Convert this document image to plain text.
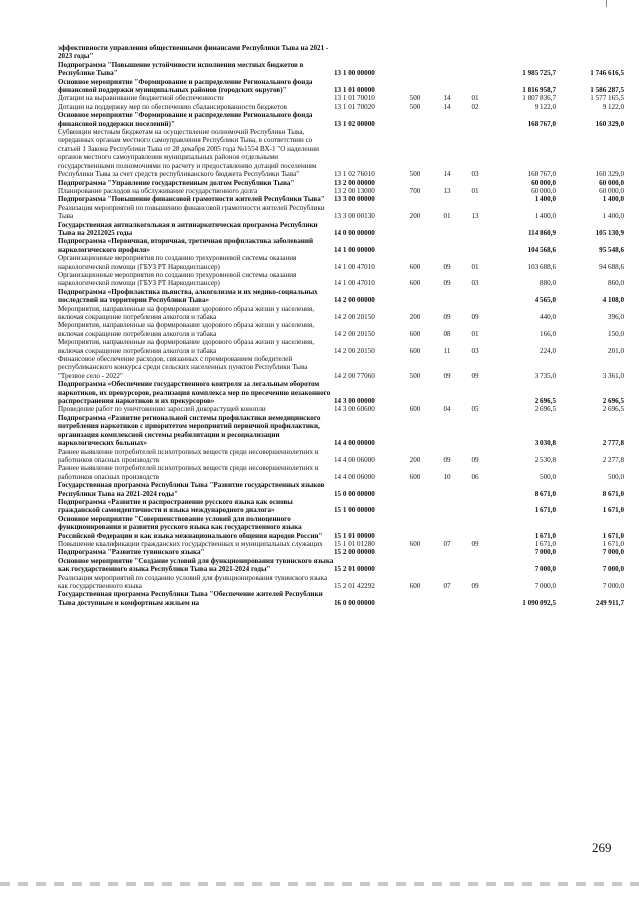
эффективности управления общественными финансами Республики Тыва на 2021 - 2023 годы"						
Подпрограмма "Повышение устойчивости исполнения местных бюджетов в Республике Тыва"	13 1 00 00000				1 985 725,7	1 746 616,5
Основное мероприятие "Формирование и распределение Регионального фонда финансовой поддержки муниципальных районов (городских округов)"	13 1 01 00000				1 816 958,7	1 586 287,5
Дотации на выравнивание бюджетной обеспеченности	13 1 01 70010	500	14	01	1 807 836,7	1 577 165,5
Дотации на поддержку мер по обеспечению сбалансированности бюджетов	13 1 01 70020	500	14	02	9 122,0	9 122,0
Основное мероприятие "Формирование и распределение Регионального фонда финансовой поддержки поселений)"	13 1 02 00000				168 767,0	160 329,0
Субвенции местным бюджетам на осуществление полномочий Республики Тыва, переданных органам местного самоуправления Республики Тыва, в соответствии со статьей 1 Закона Республики Тыва от 28 декабря 2005 года №1554 ВХ-1 "О наделении органов местного самоуправления муниципальных районов отдельными государственными полномочиями по расчету и предоставлению дотаций поселениям Республики Тыва за счет средств республиканского бюджета Республики Тыва"	13 1 02 76010	500	14	03	168 767,0	160 329,0
Подпрограмма "Управление государственным долгом Республики Тыва"	13 2 00 00000				60 000,0	60 000,0
Планирование расходов на обслуживание государственного долга	13 2 00 13000	700	13	01	60 000,0	60 000,0
Подпрограмма "Повышение финансовой грамотности жителей Республики Тыва"	13 3 00 00000				1 400,0	1 400,0
Реализация мероприятий по повышению финансовой грамотности жителей Республики Тыва	13 3 00 00130	200	01	13	1 400,0	1 400,0
Государственная антиалкогольная и антинаркотическая программа Республики Тыва на 20212025 годы	14 0 00 00000				114 860,9	105 130,9
Подпрограмма «Первичная, вторичная, третичная профилактика заболеваний наркологического профиля»	14 1 00 00000				104 568,6	95 548,6
Организационные мероприятия по созданию трехуровневой системы оказания наркологической помощи (ГБУЗ РТ Наркодиспансер)	14 1 00 47010	600	09	01	103 688,6	94 688,6
Организационные мероприятия по созданию трехуровневой системы оказания наркологической помощи (ГБУЗ РТ Наркодиспансер)	14 1 00 47010	600	09	03	880,0	860,0
Подпрограмма «Профилактика пьянства, алкоголизма и их медико-социальных последствий на территории Республики Тыва»	14 2 00 00000				4 565,0	4 108,0
Мероприятия, направленные на формирование здорового образа жизни у населения, включая сокращение потребления алкоголя и табака	14 2 00 20150	200	09	09	440,0	396,0
Мероприятия, направленные на формирование здорового образа жизни у населения, включая сокращение потребления алкоголя и табака	14 2 00 20150	600	08	01	166,0	150,0
Мероприятия, направленные на формирование здорового образа жизни у населения, включая сокращение потребления алкоголя и табака	14 2 00 20150	600	11	03	224,0	201,0
Финансовое обеспечение расходов, связанных с премированием победителей республиканского конкурса среди сельских населенных пунктов Республики Тыва "Трезвое село - 2022"	14 2 00 77060	500	09	09	3 735,0	3 361,0
Подпрограмма «Обеспечение государственного контроля за легальным оборотом наркотиков, их прекурсоров, реализация комплекса мер по пресечению незаконного распространения наркотиков и их прекурсоров»	14 3 00 00000				2 696,5	2 696,5
Проведение работ по уничтожению зарослей дикорастущей конопли	14 3 00 60600	600	04	05	2 696,5	2 696,5
Подпрограмма «Развитие региональной системы профилактики немедицинского потребления наркотиков с приоритетом мероприятий первичной профилактики, организация комплексной системы реабилитации и ресоциализации наркологических больных»	14 4 00 00000				3 030,8	2 777,8
Раннее выявление потребителей психотропных веществ среди несовершеннолетних и работников опасных производств	14 4 00 06000	200	09	09	2 530,8	2 277,8
Раннее выявление потребителей психотропных веществ среди несовершеннолетних и работников опасных производств	14 4 00 06000	600	10	06	500,0	500,0
Государственная программа Республики Тыва "Развитие государственных языков Республики Тыва на 2021-2024 годы"	15 0 00 00000				8 671,0	8 671,0
Подпрограмма «Развитие и распространение русского языка как основы гражданской самоидентичности и языка международного диалога»	15 1 00 00000				1 671,0	1 671,0
Основное мероприятие "Совершенствование условий для полноценного функционирования и развития русского языка как государственного языка Российской Федерации и как языка межнационального общения народов России"	15 1 01 00000				1 671,0	1 671,0
Повышение квалификации гражданских государственных и муниципальных служащих	15 1 01 01280	600	07	09	1 671,0	1 671,0
Подпрограмма "Развитие тувинского языка"	15 2 00 00000				7 000,0	7 000,0
Основное мероприятие "Создание условий для функционирования тувинского языка как государственного языка Республики Тыва на 2021-2024 годы"	15 2 01 00000				7 000,0	7 000,0
Реализация мероприятий по созданию условий для функционирования тувинского языка как государственного языка	15 2 01 42292	600	07	09	7 000,0	7 000,0
Государственная программа Республики Тыва "Обеспечение жителей Республики Тыва доступным и комфортным жильем на	16 0 00 00000				1 090 092,5	249 911,7
269
